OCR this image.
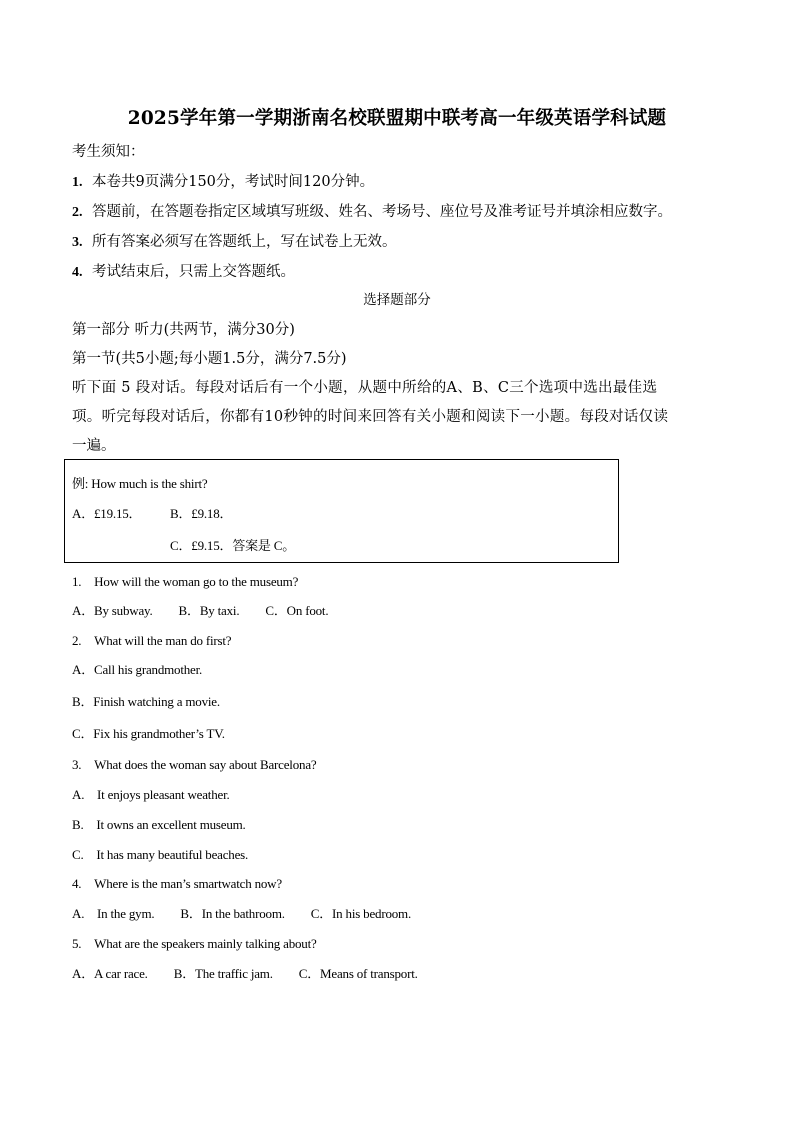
2025学年第一学期浙南名校联盟期中联考高一年级英语学科试题
考生须知：
1. 本卷共9页满分150分，考试时间120分钟。
2. 答题前，在答题卷指定区域填写班级、姓名、考场号、座位号及准考证号并填涂相应数字。
3. 所有答案必须写在答题纸上，写在试卷上无效。
4. 考试结束后，只需上交答题纸。
选择题部分
第一部分 听力(共两节，满分30分)
第一节(共5小题;每小题1.5分，满分7.5分)
听下面 5 段对话。每段对话后有一个小题，从题中所给的A、B、C三个选项中选出最佳选
项。听完每段对话后，你都有10秒钟的时间来回答有关小题和阅读下一小题。每段对话仅读
一遍。
例: How much is the shirt?
A．£19.15． B．£9.18．
C．£9.15．答案是 C。
1.　How will the woman go to the museum?
A．By subway. B．By taxi. C．On foot.
2.　What will the man do first?
A．Call his grandmother.
B．Finish watching a movie.
C．Fix his grandmother’s TV.
3.　What does the woman say about Barcelona?
A.　It enjoys pleasant weather.
B.　It owns an excellent museum.
C.　It has many beautiful beaches.
4.　Where is the man’s smartwatch now?
A.　In the gym. B．In the bathroom. C．In his bedroom.
5.　What are the speakers mainly talking about?
A．A car race. B．The traffic jam. C．Means of transport.
